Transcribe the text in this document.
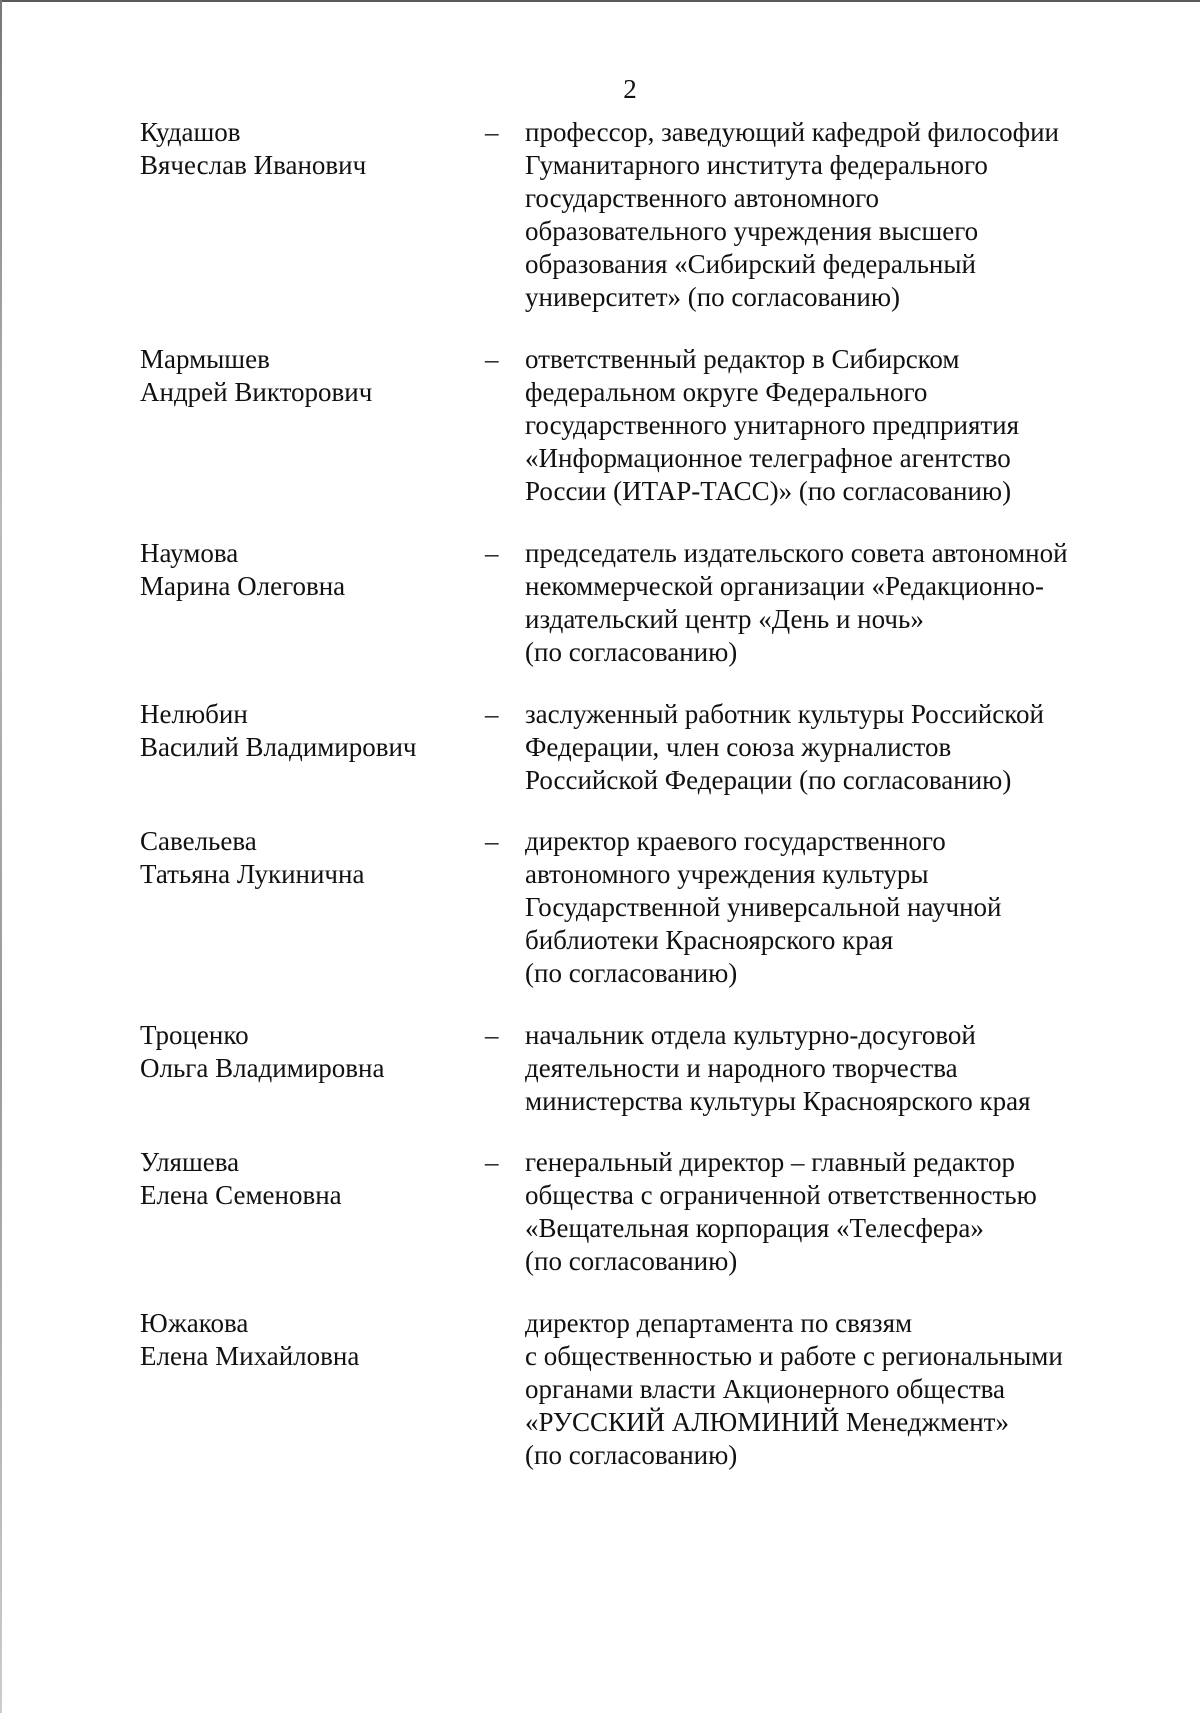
2
Кудашов
Вячеслав Иванович
– профессор, заведующий кафедрой философии
Гуманитарного института федерального
государственного автономного
образовательного учреждения высшего
образования «Сибирский федеральный
университет» (по согласованию)
Мармышев
Андрей Викторович
– ответственный редактор в Сибирском
федеральном округе Федерального
государственного унитарного предприятия
«Информационное телеграфное агентство
России (ИТАР-ТАСС)» (по согласованию)
Наумова
Марина Олеговна
– председатель издательского совета автономной
некоммерческой организации «Редакционно-
издательский центр «День и ночь»
(по согласованию)
Нелюбин
Василий Владимирович
– заслуженный работник культуры Российской
Федерации, член союза журналистов
Российской Федерации (по согласованию)
Савельева
Татьяна Лукинична
– директор краевого государственного
автономного учреждения культуры
Государственной универсальной научной
библиотеки Красноярского края
(по согласованию)
Троценко
Ольга Владимировна
– начальник отдела культурно-досуговой
деятельности и народного творчества
министерства культуры Красноярского края
Уляшева
Елена Семеновна
– генеральный директор – главный редактор
общества с ограниченной ответственностью
«Вещательная корпорация «Телесфера»
(по согласованию)
Южакова
Елена Михайловна
директор департамента по связям
с общественностью и работе с региональными
органами власти Акционерного общества
«РУССКИЙ АЛЮМИНИЙ Менеджмент»
(по согласованию)
